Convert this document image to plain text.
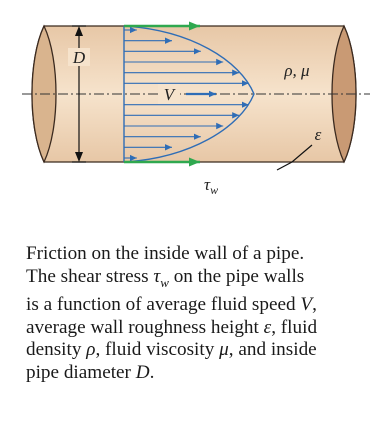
D
V
ρ, μ
ε
$\tau_w$
Friction on the inside wall of a pipe.
The shear stress $\tau_w$ on the pipe walls
is a function of average fluid speed V,
average wall roughness height ε, fluid
density ρ, fluid viscosity μ, and inside
pipe diameter D.
